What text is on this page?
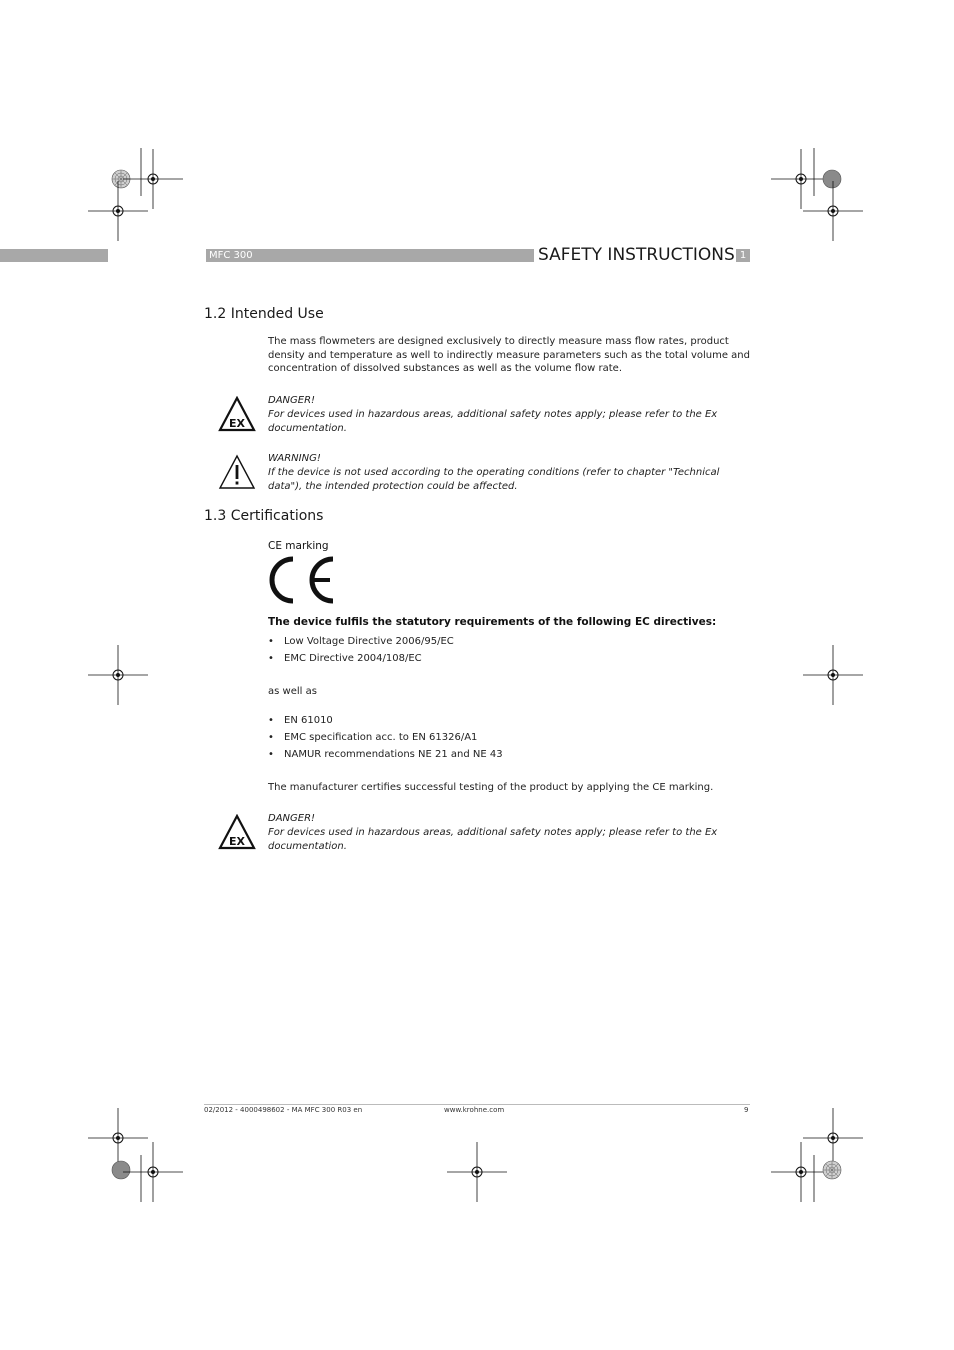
MFC 300	SAFETY INSTRUCTIONS 1
1.2 Intended Use
The mass flowmeters are designed exclusively to directly measure mass flow rates, product density and temperature as well to indirectly measure parameters such as the total volume and concentration of dissolved substances as well as the volume flow rate.
EX
DANGER!
For devices used in hazardous areas, additional safety notes apply; please refer to the Ex documentation.
WARNING!
If the device is not used according to the operating conditions (refer to chapter "Technical data"), the intended protection could be affected.
1.3 Certifications
CE marking
The device fulfils the statutory requirements of the following EC directives:
• Low Voltage Directive 2006/95/EC
• EMC Directive 2004/108/EC
as well as
• EN 61010
• EMC specification acc. to EN 61326/A1
• NAMUR recommendations NE 21 and NE 43
The manufacturer certifies successful testing of the product by applying the CE marking.
EX
DANGER!
For devices used in hazardous areas, additional safety notes apply; please refer to the Ex documentation.
02/2012 - 4000498602 - MA MFC 300 R03 en	www.krohne.com	9
